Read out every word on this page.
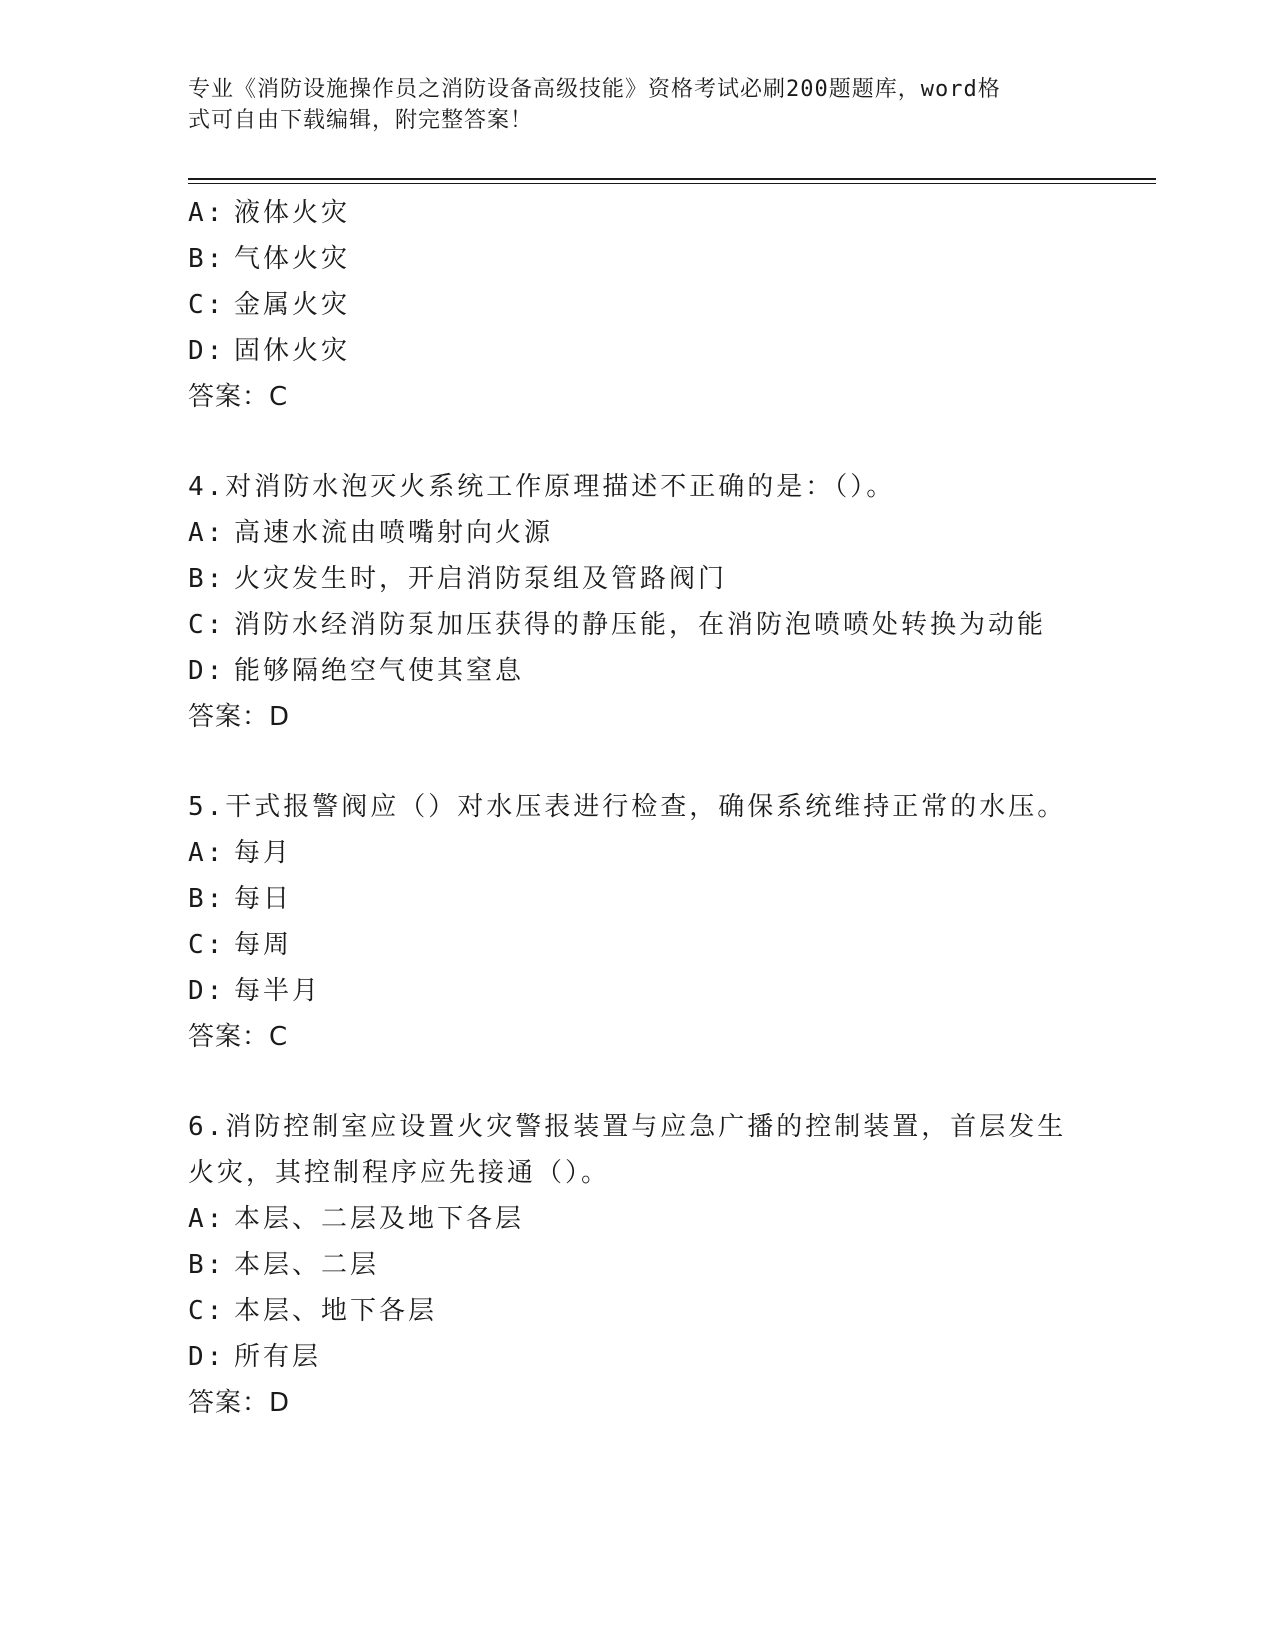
专业《消防设施操作员之消防设备高级技能》资格考试必刷200题题库，word格
式可自由下载编辑，附完整答案！
A: 液体火灾
B: 气体火灾
C: 金属火灾
D: 固休火灾
答案：C
4.对消防水泡灭火系统工作原理描述不正确的是：（）。
A: 高速水流由喷嘴射向火源
B: 火灾发生时，开启消防泵组及管路阀门
C: 消防水经消防泵加压获得的静压能，在消防泡喷喷处转换为动能
D: 能够隔绝空气使其窒息
答案：D
5.干式报警阀应（）对水压表进行检查，确保系统维持正常的水压。
A: 每月
B: 每日
C: 每周
D: 每半月
答案：C
6.消防控制室应设置火灾警报装置与应急广播的控制装置，首层发生
火灾，其控制程序应先接通（）。
A: 本层、二层及地下各层
B: 本层、二层
C: 本层、地下各层
D: 所有层
答案：D
